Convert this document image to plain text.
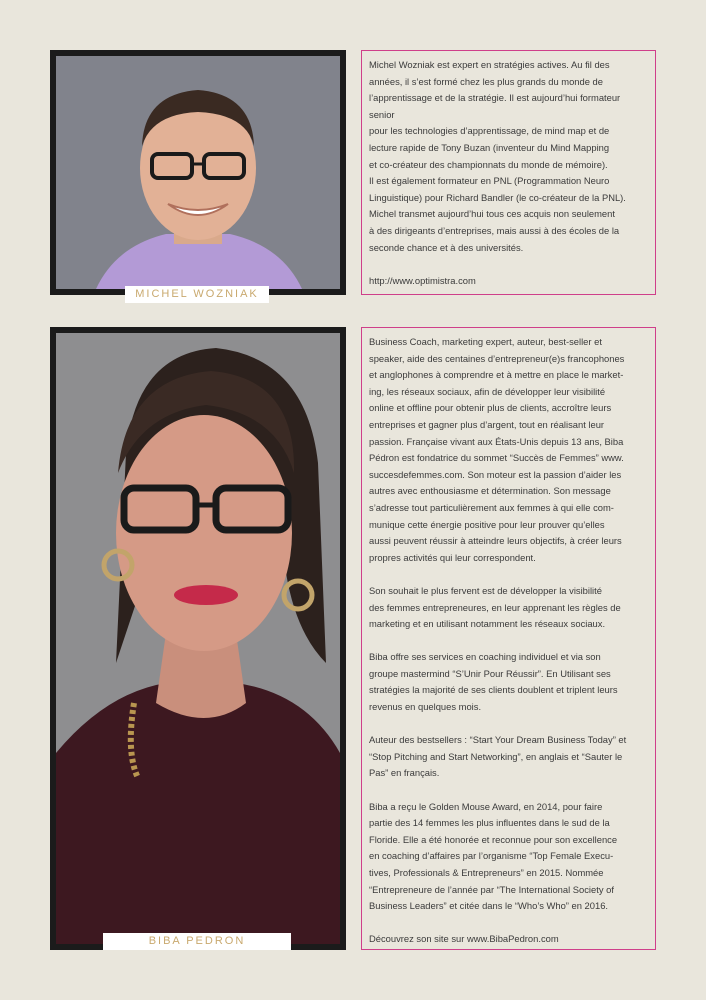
MICHEL WOZNIAK

Michel Wozniak est expert en stratégies actives. Au fil des

années, il s’est formé chez les plus grands du monde de

l’apprentissage et de la stratégie. Il est aujourd’hui formateur

senior

pour les technologies d’apprentissage, de mind map et de

lecture rapide de Tony Buzan (inventeur du Mind Mapping

et co-créateur des championnats du monde de mémoire).

Il est également formateur en PNL (Programmation Neuro

Linguistique) pour Richard Bandler (le co-créateur de la PNL).

Michel transmet aujourd’hui tous ces acquis non seulement

à des dirigeants d’entreprises, mais aussi à des écoles de la

seconde chance et à des universités.

http://www.optimistra.com

BIBA PEDRON

Business Coach, marketing expert, auteur, best-seller et

speaker, aide des centaines d’entrepreneur(e)s francophones

et anglophones à comprendre et à mettre en place le market-

ing, les réseaux sociaux, afin de développer leur visibilité

online et offline pour obtenir plus de clients, accroître leurs

entreprises et gagner plus d’argent, tout en réalisant leur

passion. Française vivant aux États-Unis depuis 13 ans, Biba

Pédron est fondatrice du sommet “Succès de Femmes” www.

succesdefemmes.com. Son moteur est la passion d’aider les

autres avec enthousiasme et détermination. Son message

s’adresse tout particulièrement aux femmes à qui elle com-

munique cette énergie positive pour leur prouver qu’elles

aussi peuvent réussir à atteindre leurs objectifs, à créer leurs

propres activités qui leur correspondent.

Son souhait le plus fervent est de développer la visibilité

des femmes entrepreneures, en leur apprenant les règles de

marketing et en utilisant notamment les réseaux sociaux.

Biba offre ses services en coaching individuel et via son

groupe mastermind “S’Unir Pour Réussir”. En Utilisant ses

stratégies la majorité de ses clients doublent et triplent leurs

revenus en quelques mois.

Auteur des bestsellers : “Start Your Dream Business Today” et

“Stop Pitching and Start Networking”, en anglais et “Sauter le

Pas” en français.

Biba a reçu le Golden Mouse Award, en 2014, pour faire

partie des 14 femmes les plus influentes dans le sud de la

Floride. Elle a été honorée et reconnue pour son excellence

en coaching d’affaires par l’organisme “Top Female Execu-

tives, Professionals & Entrepreneurs” en 2015. Nommée

“Entrepreneure de l’année par “The International Society of

Business Leaders” et citée dans le “Who’s Who” en 2016.

Découvrez son site sur www.BibaPedron.com
